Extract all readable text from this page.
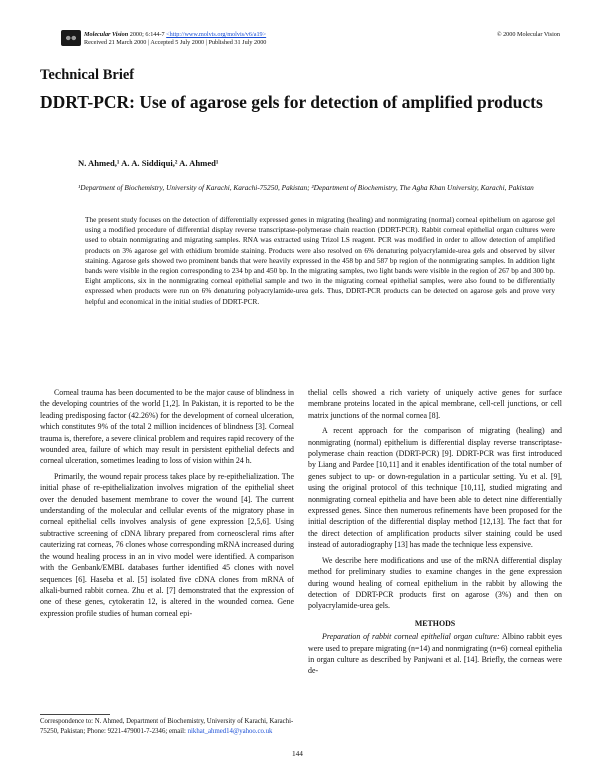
Molecular Vision 2000; 6:144-7 <http://www.molvis.org/molvis/v6/a19>
Received 21 March 2000 | Accepted 5 July 2000 | Published 31 July 2000
© 2000 Molecular Vision
Technical Brief
DDRT-PCR: Use of agarose gels for detection of amplified products
N. Ahmed,¹ A. A. Siddiqui,² A. Ahmed¹
¹Department of Biochemistry, University of Karachi, Karachi-75250, Pakistan; ²Department of Biochemistry, The Agha Khan University, Karachi, Pakistan
The present study focuses on the detection of differentially expressed genes in migrating (healing) and nonmigrating (normal) corneal epithelium on agarose gel using a modified procedure of differential display reverse transcriptase-polymerase chain reaction (DDRT-PCR). Rabbit corneal epithelial organ cultures were used to obtain nonmigrating and migrating samples. RNA was extracted using Trizol LS reagent. PCR was modified in order to allow detection of amplified products on 3% agarose gel with ethidium bromide staining. Products were also resolved on 6% denaturing polyacrylamide-urea gels and observed by silver staining. Agarose gels showed two prominent bands that were heavily expressed in the 458 bp and 587 bp region of the nonmigrating samples. In addition light bands were visible in the region corresponding to 234 bp and 450 bp. In the migrating samples, two light bands were visible in the region of 267 bp and 300 bp. Eight amplicons, six in the nonmigrating corneal epithelial sample and two in the migrating corneal epithelial samples, were also found to be differentially expressed when products were run on 6% denaturing polyacrylamide-urea gels. Thus, DDRT-PCR products can be detected on agarose gels and prove very helpful and economical in the initial studies of DDRT-PCR.

Corneal trauma has been documented to be the major cause of blindness in the developing countries of the world [1,2]. In Pakistan, it is reported to be the leading predisposing factor (42.26%) for the development of corneal ulceration, which constitutes 9% of the total 2 million incidences of blindness [3]. Corneal trauma is, therefore, a severe clinical problem and requires rapid recovery of the wounded area, failure of which may result in persistent epithelial defects and corneal ulceration, sometimes leading to loss of vision within 24 h.

Primarily, the wound repair process takes place by re-epithelialization. The initial phase of re-epithelialization involves migration of the epithelial sheet over the denuded basement membrane to cover the wound [4]. The current understanding of the molecular and cellular events of the migratory phase in corneal epithelial cells involves analysis of gene expression [2,5,6]. Using subtractive screening of cDNA library prepared from corneoscleral rims after cauterizing rat corneas, 76 clones whose corresponding mRNA increased during the wound healing process in an in vivo model were identified. A comparison with the Genbank/EMBL databases further identified 45 clones with novel sequences [6]. Haseba et al. [5] isolated five cDNA clones from mRNA of alkali-burned rabbit cornea. Zhu et al. [7] demonstrated that the expression of one of these genes, cytokeratin 12, is altered in the wounded cornea. Gene expression profile studies of human corneal epi-

thelial cells showed a rich variety of uniquely active genes for surface membrane proteins located in the apical membrane, cell-cell junctions, or cell matrix junctions of the normal cornea [8].

A recent approach for the comparison of migrating (healing) and nonmigrating (normal) epithelium is differential display reverse transcriptase-polymerase chain reaction (DDRT-PCR) [9]. DDRT-PCR was first introduced by Liang and Pardee [10,11] and it enables identification of the total number of genes subject to up- or down-regulation in a particular setting. Yu et al. [9], using the original protocol of this technique [10,11], studied migrating and nonmigrating corneal epithelia and have been able to detect nine differentially expressed genes. Since then numerous refinements have been proposed for the initial description of the differential display method [12,13]. The fact that for the direct detection of amplification products silver staining could be used instead of autoradiography [13] has made the technique less expensive.

We describe here modifications and use of the mRNA differential display method for preliminary studies to examine changes in the gene expression during wound healing of corneal epithelium in the rabbit by allowing the detection of DDRT-PCR products first on agarose (3%) and then on polyacrylamide-urea gels.

METHODS

Preparation of rabbit corneal epithelial organ culture: Albino rabbit eyes were used to prepare migrating (n=14) and nonmigrating (n=6) corneal epithelia in organ culture as described by Panjwani et al. [14]. Briefly, the corneas were de-

Correspondence to: N. Ahmed, Department of Biochemistry, University of Karachi, Karachi-75250, Pakistan; Phone: 9221-479001-7-2346; email: nikhat_ahmed14@yahoo.co.uk
144
